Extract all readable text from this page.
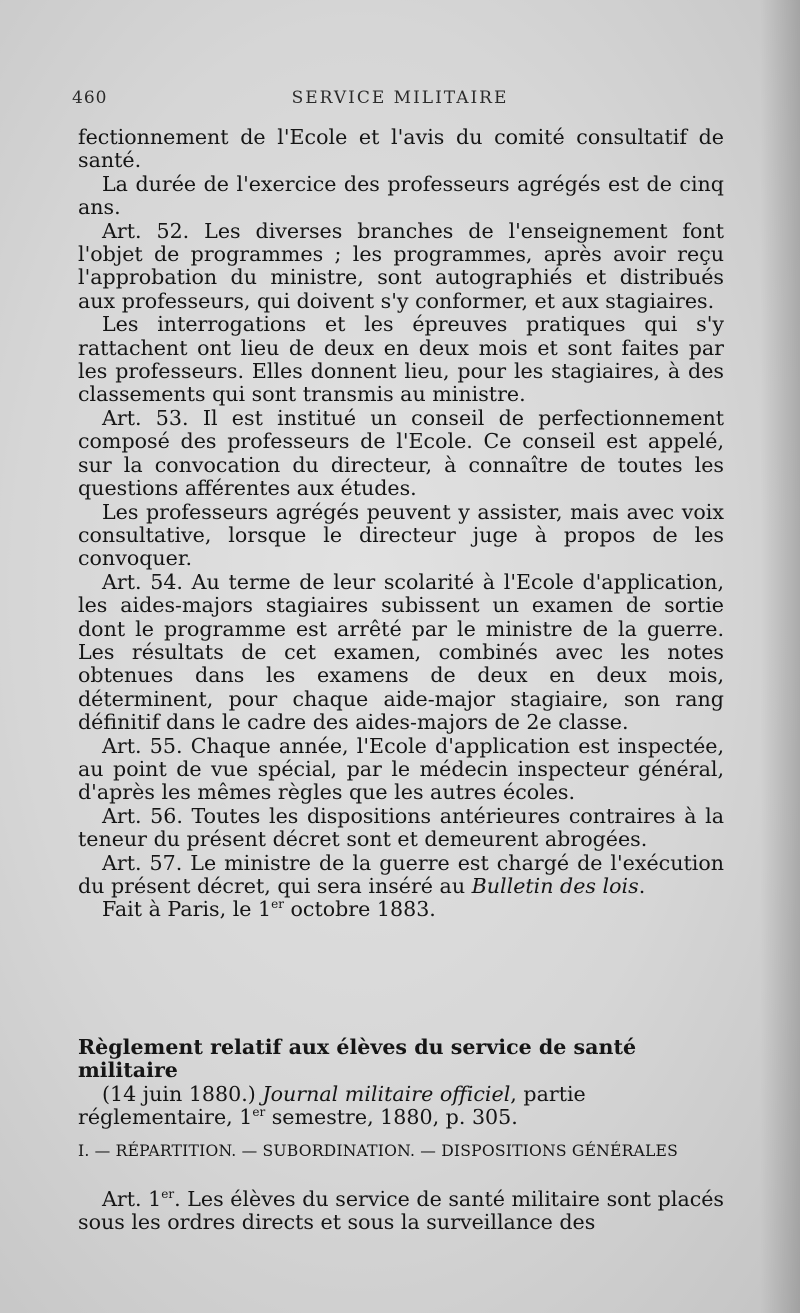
460	SERVICE MILITAIRE

fectionnement de l'Ecole et l'avis du comité consultatif de santé.

La durée de l'exercice des professeurs agrégés est de cinq ans.

Art. 52. Les diverses branches de l'enseignement font l'objet de programmes ; les programmes, après avoir reçu l'approbation du ministre, sont autographiés et distribués aux professeurs, qui doivent s'y conformer, et aux stagiaires.

Les interrogations et les épreuves pratiques qui s'y rattachent ont lieu de deux en deux mois et sont faites par les professeurs. Elles donnent lieu, pour les stagiaires, à des classements qui sont transmis au ministre.

Art. 53. Il est institué un conseil de perfectionnement composé des professeurs de l'Ecole. Ce conseil est appelé, sur la convocation du directeur, à connaître de toutes les questions afférentes aux études.

Les professeurs agrégés peuvent y assister, mais avec voix consultative, lorsque le directeur juge à propos de les convoquer.

Art. 54. Au terme de leur scolarité à l'Ecole d'application, les aides-majors stagiaires subissent un examen de sortie dont le programme est arrêté par le ministre de la guerre. Les résultats de cet examen, combinés avec les notes obtenues dans les examens de deux en deux mois, déterminent, pour chaque aide-major stagiaire, son rang définitif dans le cadre des aides-majors de 2e classe.

Art. 55. Chaque année, l'Ecole d'application est inspectée, au point de vue spécial, par le médecin inspecteur général, d'après les mêmes règles que les autres écoles.

Art. 56. Toutes les dispositions antérieures contraires à la teneur du présent décret sont et demeurent abrogées.

Art. 57. Le ministre de la guerre est chargé de l'exécution du présent décret, qui sera inséré au Bulletin des lois.

Fait à Paris, le 1er octobre 1883.

Règlement relatif aux élèves du service de santé militaire

(14 juin 1880.) Journal militaire officiel, partie réglementaire, 1er semestre, 1880, p. 305.

I. — RÉPARTITION. — SUBORDINATION. — DISPOSITIONS GÉNÉRALES

Art. 1er. Les élèves du service de santé militaire sont placés sous les ordres directs et sous la surveillance des
